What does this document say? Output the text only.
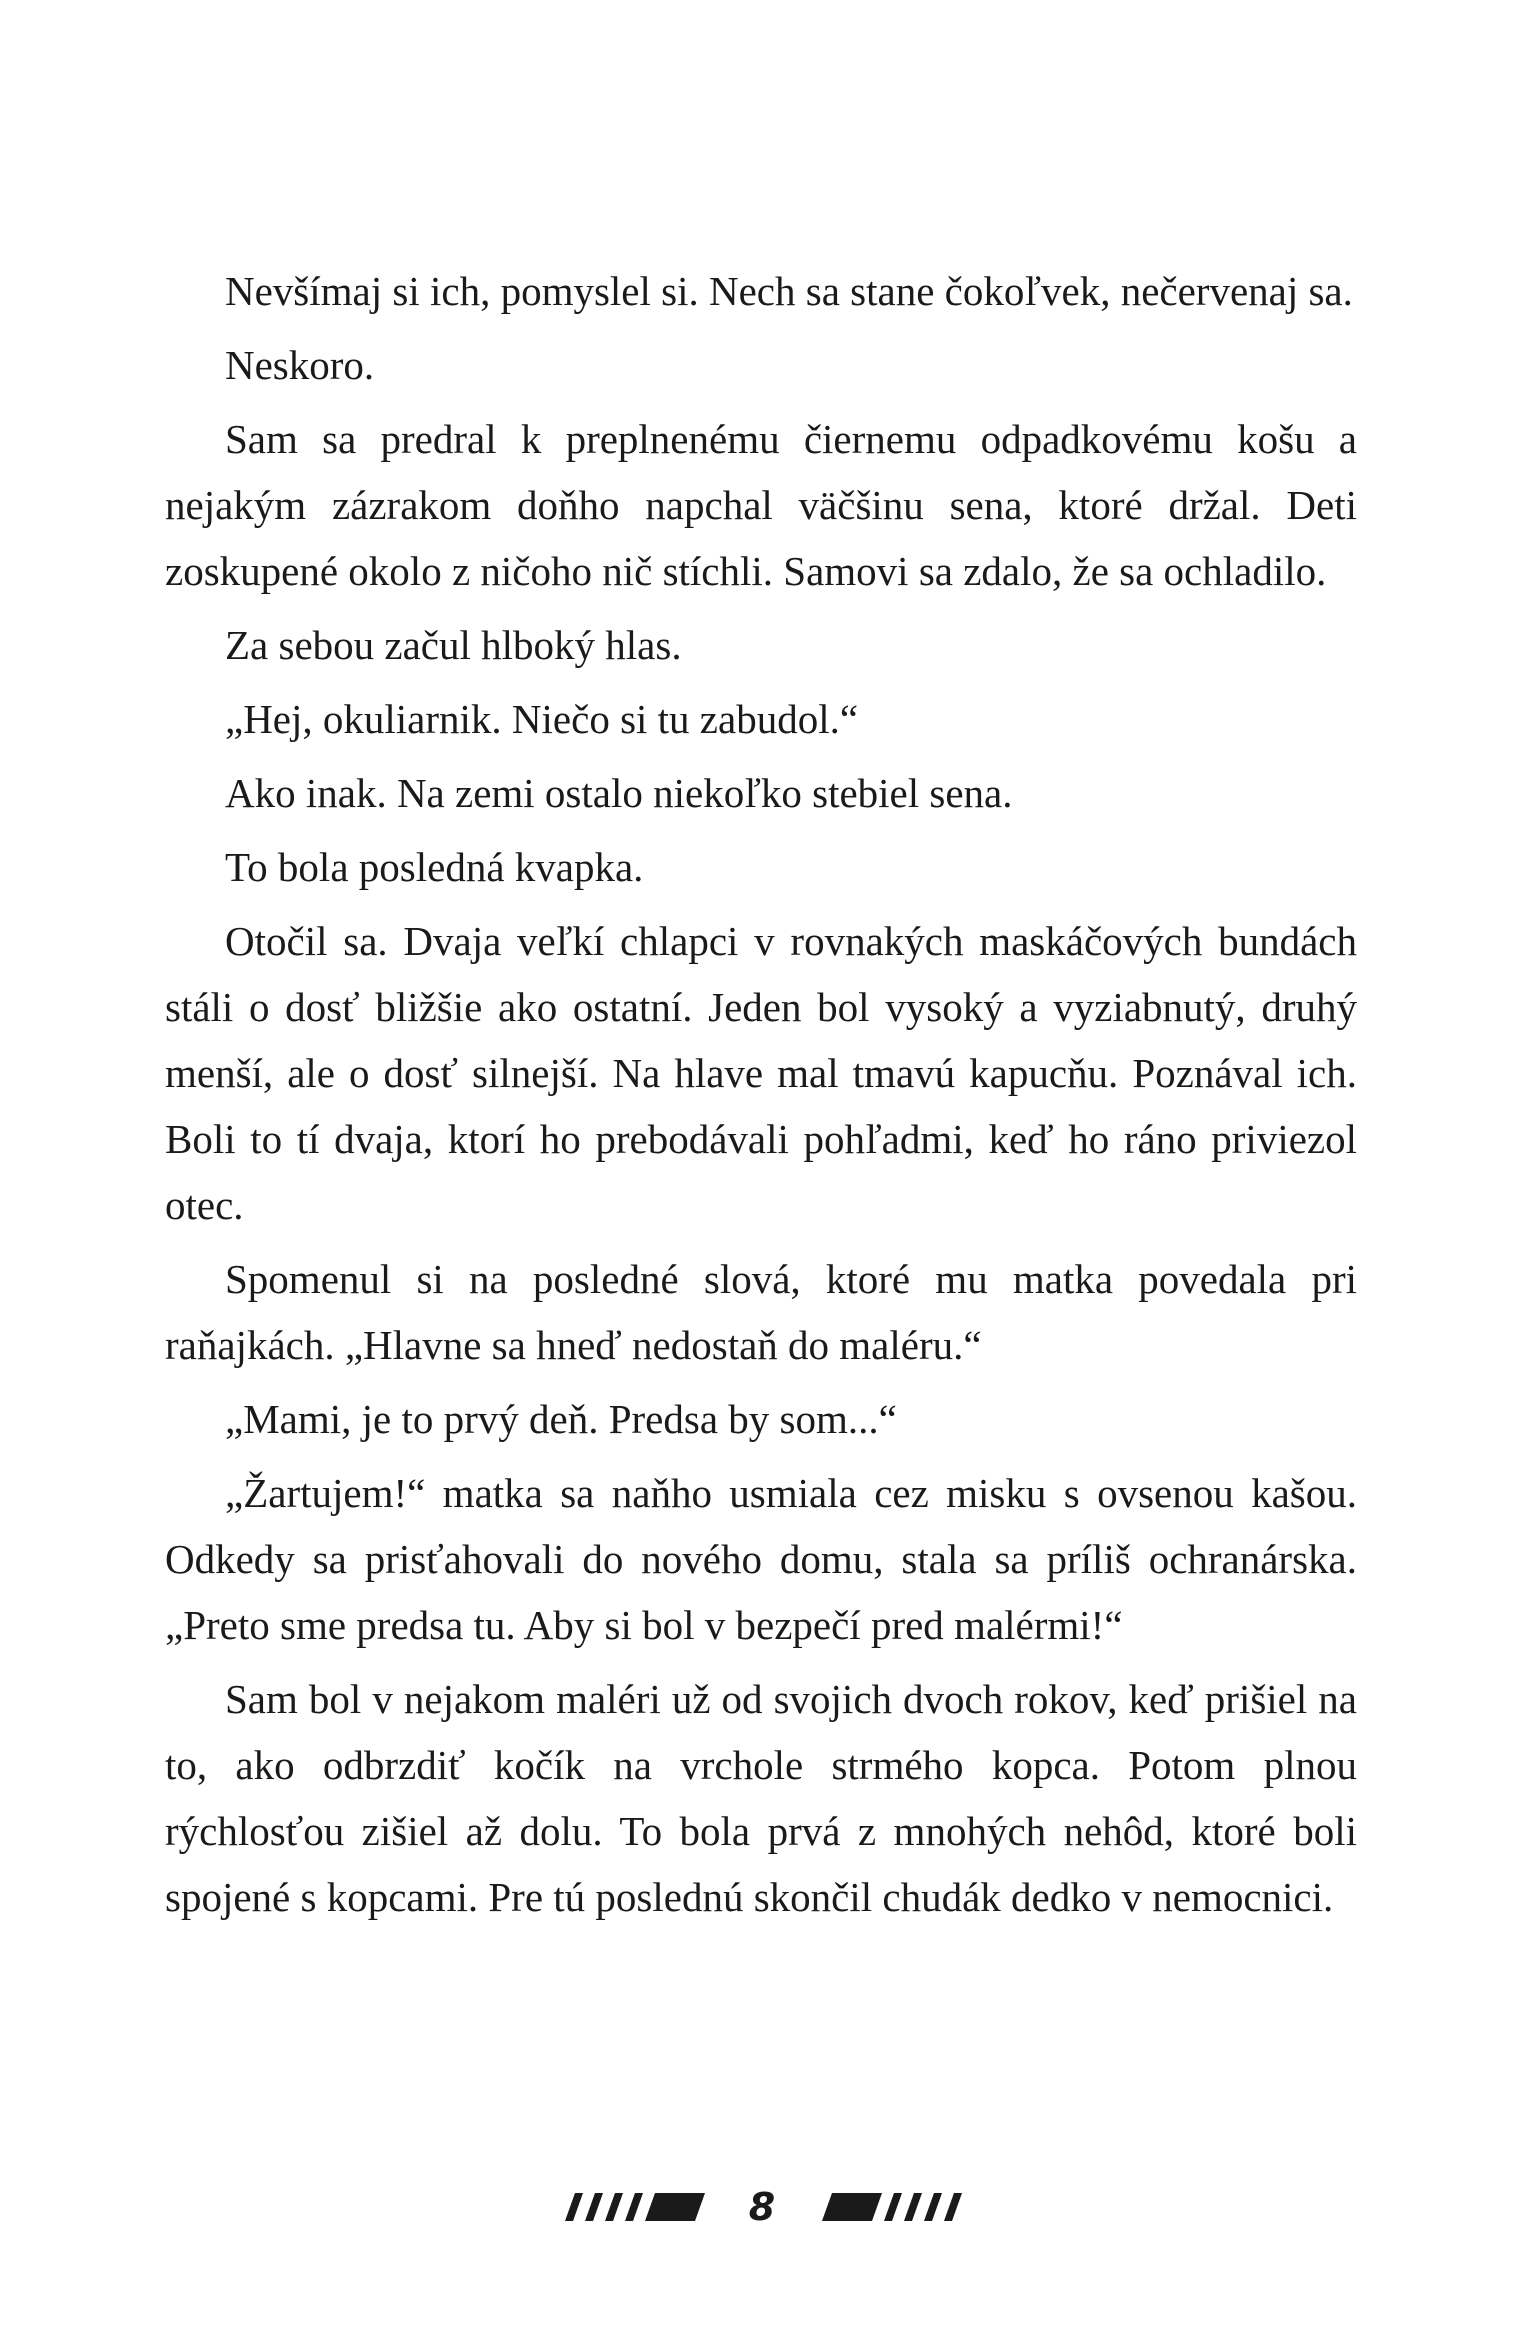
Nevšímaj si ich, pomyslel si. Nech sa stane čokoľvek, nečervenaj sa.

Neskoro.

Sam sa predral k preplnenému čiernemu odpadkovému košu a nejakým zázrakom doňho napchal väčšinu sena, ktoré držal. Deti zoskupené okolo z ničoho nič stíchli. Samovi sa zdalo, že sa ochladilo.

Za sebou začul hlboký hlas.

„Hej, okuliarnik. Niečo si tu zabudol.“

Ako inak. Na zemi ostalo niekoľko stebiel sena.

To bola posledná kvapka.

Otočil sa. Dvaja veľkí chlapci v rovnakých maskáčových bundách stáli o dosť bližšie ako ostatní. Jeden bol vysoký a vyziabnutý, druhý menší, ale o dosť silnejší. Na hlave mal tmavú kapucňu. Poznával ich. Boli to tí dvaja, ktorí ho prebodávali pohľadmi, keď ho ráno priviezol otec.

Spomenul si na posledné slová, ktoré mu matka povedala pri raňajkách. „Hlavne sa hneď nedostaň do maléru.“

„Mami, je to prvý deň. Predsa by som...“

„Žartujem!“ matka sa naňho usmiala cez misku s ovsenou kašou. Odkedy sa prisťahovali do nového domu, stala sa príliš ochranárska. „Preto sme predsa tu. Aby si bol v bezpečí pred malérmi!“

Sam bol v nejakom maléri už od svojich dvoch rokov, keď prišiel na to, ako odbrzdiť kočík na vrchole strmého kopca. Potom plnou rýchlosťou zišiel až dolu. To bola prvá z mnohých nehôd, ktoré boli spojené s kopcami. Pre tú poslednú skončil chudák dedko v nemocnici.

8
